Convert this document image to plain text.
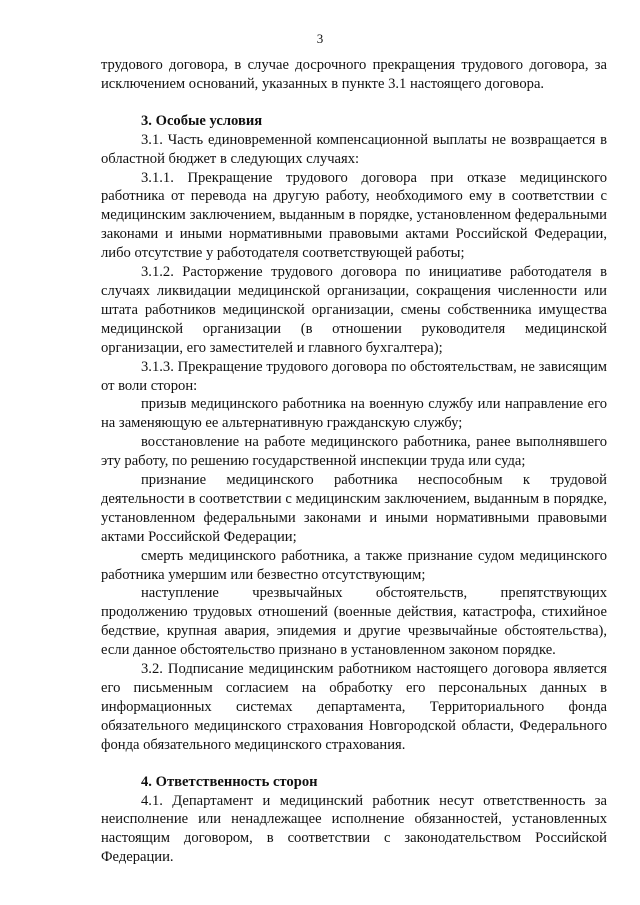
3

трудового договора, в случае досрочного прекращения трудового договора, за исключением оснований, указанных в пункте 3.1 настоящего договора.

3. Особые условия

3.1. Часть единовременной компенсационной выплаты не возвращается в областной бюджет в следующих случаях:

3.1.1. Прекращение трудового договора при отказе медицинского работника от перевода на другую работу, необходимого ему в соответствии с медицинским заключением, выданным в порядке, установленном федеральными законами и иными нормативными правовыми актами Российской Федерации, либо отсутствие у работодателя соответствующей работы;

3.1.2. Расторжение трудового договора по инициативе работодателя в случаях ликвидации медицинской организации, сокращения численности или штата работников медицинской организации, смены собственника имущества медицинской организации (в отношении руководителя медицинской организации, его заместителей и главного бухгалтера);

3.1.3. Прекращение трудового договора по обстоятельствам, не зависящим от воли сторон:

призыв медицинского работника на военную службу или направление его на заменяющую ее альтернативную гражданскую службу;

восстановление на работе медицинского работника, ранее выполнявшего эту работу, по решению государственной инспекции труда или суда;

признание медицинского работника неспособным к трудовой деятельности в соответствии с медицинским заключением, выданным в порядке, установленном федеральными законами и иными нормативными правовыми актами Российской Федерации;

смерть медицинского работника, а также признание судом медицинского работника умершим или безвестно отсутствующим;

наступление чрезвычайных обстоятельств, препятствующих продолжению трудовых отношений (военные действия, катастрофа, стихийное бедствие, крупная авария, эпидемия и другие чрезвычайные обстоятельства), если данное обстоятельство признано в установленном законом порядке.

3.2. Подписание медицинским работником настоящего договора является его письменным согласием на обработку его персональных данных в информационных системах департамента, Территориального фонда обязательного медицинского страхования Новгородской области, Федерального фонда обязательного медицинского страхования.

4. Ответственность сторон

4.1. Департамент и медицинский работник несут ответственность за неисполнение или ненадлежащее исполнение обязанностей, установленных настоящим договором, в соответствии с законодательством Российской Федерации.
